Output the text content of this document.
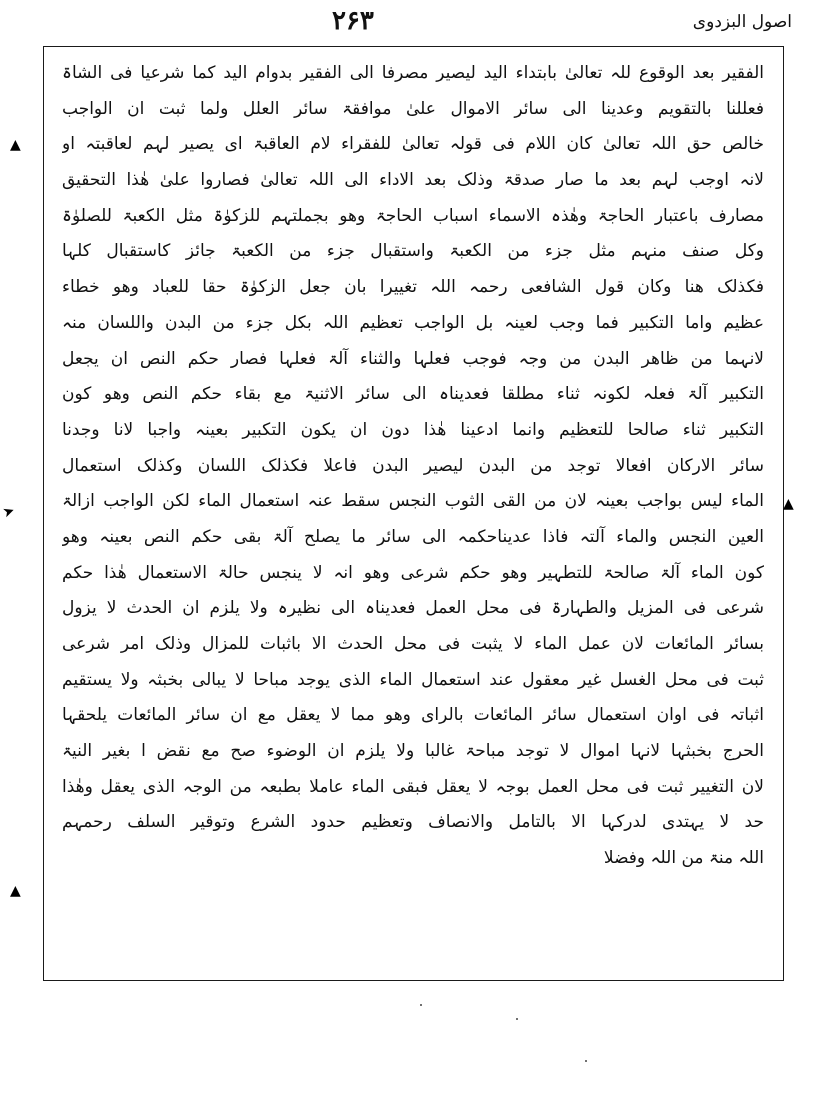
اصول البزدوی
۲۶۳
الفقیر بعد الوقوع للہ تعالیٰ بابتداء الید لیصیر مصرفا الی الفقیر بدوام الید کما شرعیا فی الشاۃ
فعللنا بالتقویم وعدینا الی سائر الاموال علیٰ موافقۃ سائر العلل ولما ثبت ان الواجب
خالص حق اللہ تعالیٰ کان اللام فی قولہ تعالیٰ للفقراء لام العاقبۃ ای یصیر لہم لعاقبتہ او
لانہ اوجب لہم بعد ما صار صدقۃ وذلک بعد الاداء الی اللہ تعالیٰ فصاروا علیٰ ھٰذا التحقیق
مصارف باعتبار الحاجۃ وھٰذہ الاسماء اسباب الحاجۃ وھو بجملتہم للزکوٰۃ مثل الکعبۃ للصلوٰۃ
وکل صنف منہم مثل جزء من الکعبۃ واستقبال جزء من الکعبۃ جائز کاستقبال کلہا
فکذلک ھنا وکان قول الشافعی رحمہ اللہ تغییرا بان جعل الزکوٰۃ حقا للعباد وھو خطاء
عظیم واما التکبیر فما وجب لعینہ بل الواجب تعظیم اللہ بکل جزء من البدن واللسان منہ
لانہما من ظاھر البدن من وجہ فوجب فعلہا والثناء آلۃ فعلہا فصار حکم النص ان یجعل
التکبیر آلۃ فعلہ لکونہ ثناء مطلقا فعدیناہ الی سائر الاثنیۃ مع بقاء حکم النص وھو کون
التکبیر ثناء صالحا للتعظیم وانما ادعینا ھٰذا دون ان یکون التکبیر بعینہ واجبا لانا وجدنا
سائر الارکان افعالا توجد من البدن لیصیر البدن فاعلا فکذلک اللسان وکذلک استعمال
الماء لیس بواجب بعینہ لان من القی الثوب النجس سقط عنہ استعمال الماء لکن الواجب ازالۃ
العین النجس والماء آلتہ فاذا عدیناحکمہ الی سائر ما یصلح آلۃ بقی حکم النص بعینہ وھو
کون الماء آلۃ صالحۃ للتطہیر وھو حکم شرعی وھو انہ لا ینجس حالۃ الاستعمال ھٰذا حکم
شرعی فی المزیل والطہارۃ فی محل العمل فعدیناہ الی نظیرہ ولا یلزم ان الحدث لا یزول
بسائر المائعات لان عمل الماء لا یثبت فی محل الحدث الا باثبات للمزال وذلک امر شرعی
ثبت فی محل الغسل غیر معقول عند استعمال الماء الذی یوجد مباحا لا یبالی بخبثہ ولا یستقیم
اثباتہ فی اوان استعمال سائر المائعات بالرای وھو مما لا یعقل مع ان سائر المائعات یلحقہا
الحرج بخبثہا لانہا اموال لا توجد مباحۃ غالبا ولا یلزم ان الوضوء صح مع نقض ا بغیر النیۃ
لان التغییر ثبت فی محل العمل بوجہ لا یعقل فبقی الماء عاملا بطبعہ من الوجہ الذی یعقل وھٰذا
حد لا یہتدی لدرکہا الا بالتامل والانصاف وتعظیم حدود الشرع وتوقیر السلف رحمہم
اللہ منۃ من اللہ وفضلا
▲
▲
➤
▲
